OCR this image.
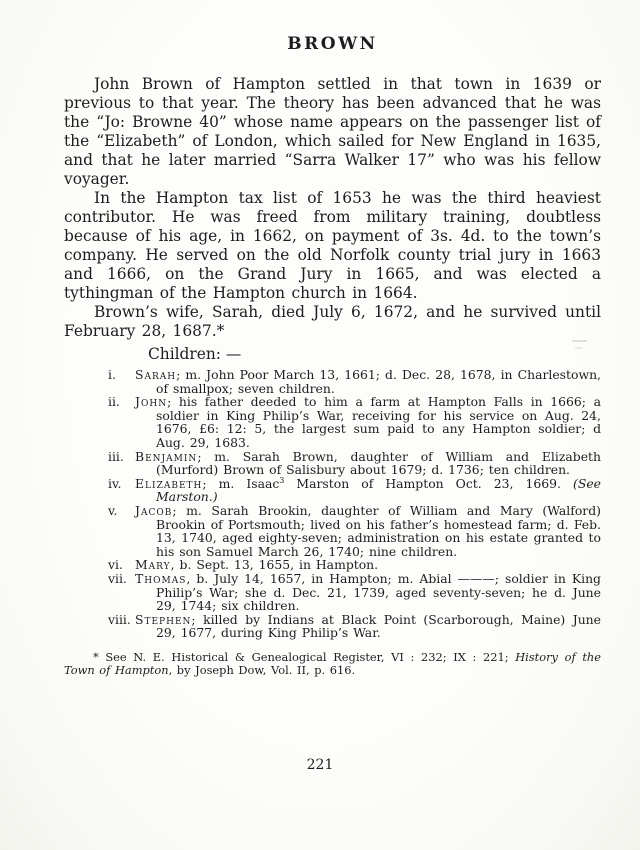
BROWN

John Brown of Hampton settled in that town in 1639 or previous to that year. The theory has been advanced that he was the “Jo: Browne 40” whose name appears on the passenger list of the “Elizabeth” of London, which sailed for New England in 1635, and that he later married “Sarra Walker 17” who was his fellow voyager.

In the Hampton tax list of 1653 he was the third heaviest contributor. He was freed from military training, doubtless because of his age, in 1662, on payment of 3s. 4d. to the town’s company. He served on the old Norfolk county trial jury in 1663 and 1666, on the Grand Jury in 1665, and was elected a tythingman of the Hampton church in 1664.

Brown’s wife, Sarah, died July 6, 1672, and he survived until February 28, 1687.*

Children: —
i.	Sarah; m. John Poor March 13, 1661; d. Dec. 28, 1678, in Charlestown, of smallpox; seven children.
ii.	John; his father deeded to him a farm at Hampton Falls in 1666; a soldier in King Philip’s War, receiving for his service on Aug. 24, 1676, £6: 12: 5, the largest sum paid to any Hampton soldier; d Aug. 29, 1683.
iii. Benjamin; m. Sarah Brown, daughter of William and Elizabeth (Murford) Brown of Salisbury about 1679; d. 1736; ten children.
iv.	Elizabeth; m. Isaac$^3$ Marston of Hampton Oct. 23, 1669. (See Marston.)
v.	Jacob; m. Sarah Brookin, daughter of William and Mary (Walford) Brookin of Portsmouth; lived on his father’s homestead farm; d. Feb. 13, 1740, aged eighty-seven; administration on his estate granted to his son Samuel March 26, 1740; nine children.
vi. Mary, b. Sept. 13, 1655, in Hampton.
vii. Thomas, b. July 14, 1657, in Hampton; m. Abial ———; soldier in King Philip’s War; she d. Dec. 21, 1739, aged seventy-seven; he d. June 29, 1744; six children.
viii. Stephen; killed by Indians at Black Point (Scarborough, Maine) June 29, 1677, during King Philip’s War.
* See N. E. Historical & Genealogical Register, VI : 232; IX : 221; History of the Town of Hampton, by Joseph Dow, Vol. II, p. 616.
221
